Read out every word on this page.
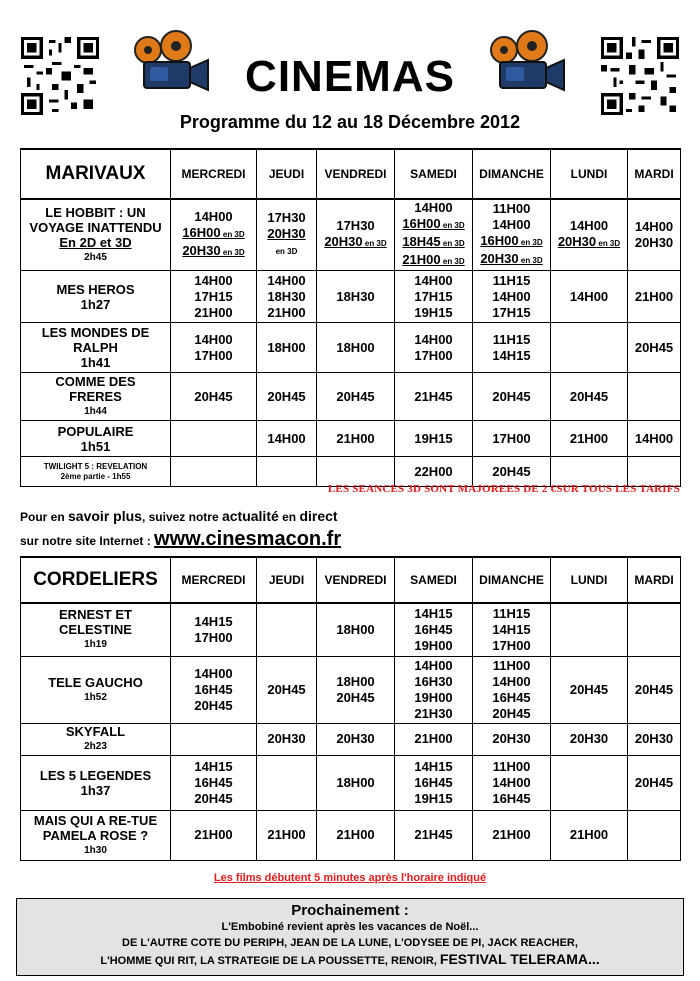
CINEMAS
Programme du 12 au 18 Décembre 2012
MARIVAUX	MERCREDI	JEUDI	VENDREDI	SAMEDI	DIMANCHE	LUNDI	MARDI

LE HOBBIT : UN
VOYAGE INATTENDU
En 2D et 3D
2h45	14H00
16H00 en 3D
20H30 en 3D	17H30
20H30
en 3D	17H30
20H30 en 3D	14H00
16H00 en 3D
18H45 en 3D
21H00 en 3D	11H00
14H00
16H00 en 3D
20H30 en 3D	14H00
20H30 en 3D	14H00
20H30

MES HEROS
1h27	14H00
17H15
21H00	14H00
18H30
21H00	18H30	14H00
17H15
19H15	11H15
14H00
17H15	14H00	21H00

LES MONDES DE
RALPH
1h41	14H00
17H00	18H00	18H00	14H00
17H00	11H15
14H15		20H45

COMME DES
FRERES
1h44	20H45	20H45	20H45	21H45	20H45	20H45	

POPULAIRE
1h51		14H00	21H00	19H15	17H00	21H00	14H00

TWILIGHT 5 : REVELATION
2ème partie - 1h55				22H00	20H45		

LES SEANCES 3D SONT MAJOREES DE 2 €SUR TOUS LES TARIFS
Pour en savoir plus, suivez notre actualité en direct
sur notre site Internet : www.cinesmacon.fr
CORDELIERS	MERCREDI	JEUDI	VENDREDI	SAMEDI	DIMANCHE	LUNDI	MARDI

ERNEST ET
CELESTINE
1h19	14H15
17H00		18H00	14H15
16H45
19H00	11H15
14H15
17H00		

TELE GAUCHO
1h52	14H00
16H45
20H45	20H45	18H00
20H45	14H00
16H30
19H00
21H30	11H00
14H00
16H45
20H45	20H45	20H45

SKYFALL
2h23		20H30	20H30	21H00	20H30	20H30	20H30

LES 5 LEGENDES
1h37	14H15
16H45
20H45		18H00	14H15
16H45
19H15	11H00
14H00
16H45		20H45

MAIS QUI A RE-TUE
PAMELA ROSE ?
1h30	21H00	21H00	21H00	21H45	21H00	21H00	

Les films débutent 5 minutes après l'horaire indiqué
Prochainement :
L'Embobiné revient après les vacances de Noël...
DE L'AUTRE COTE DU PERIPH, JEAN DE LA LUNE, L'ODYSEE DE PI, JACK REACHER,
L'HOMME QUI RIT, LA STRATEGIE DE LA POUSSETTE, RENOIR, FESTIVAL TELERAMA...
